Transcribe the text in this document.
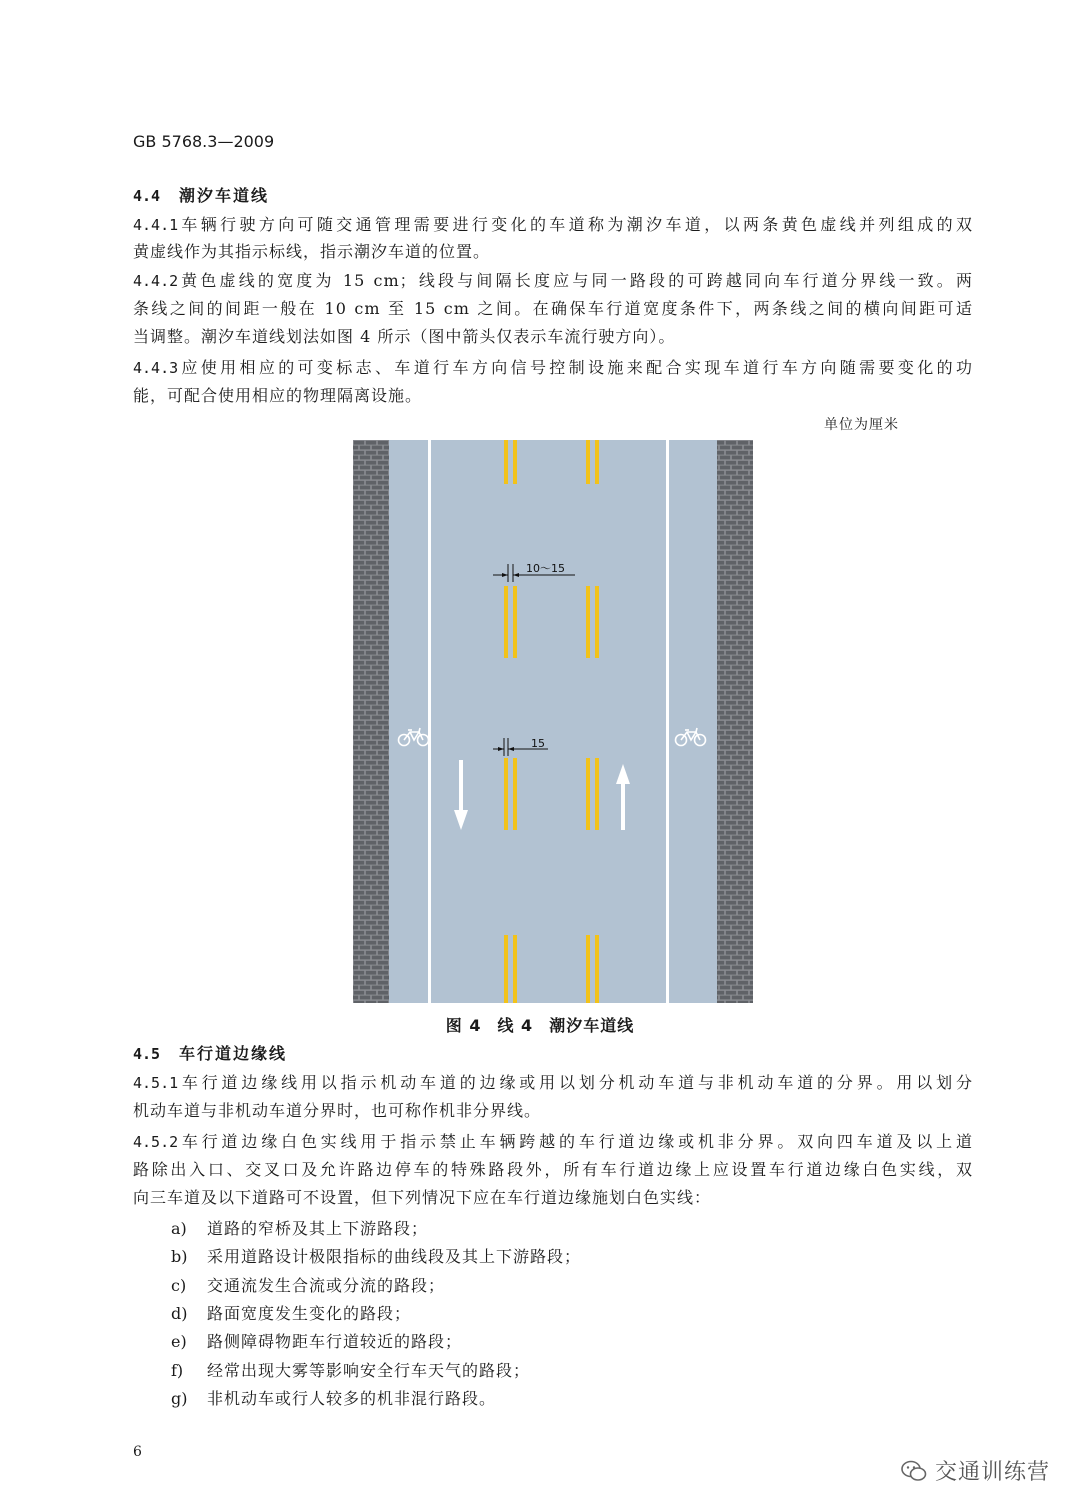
GB 5768.3—2009
4.4 潮汐车道线
4.4.1车辆行驶方向可随交通管理需要进行变化的车道称为潮汐车道，以两条黄色虚线并列组成的双
黄虚线作为其指示标线，指示潮汐车道的位置。
4.4.2黄色虚线的宽度为 15 cm；线段与间隔长度应与同一路段的可跨越同向车行道分界线一致。两
条线之间的间距一般在 10 cm 至 15 cm 之间。在确保车行道宽度条件下，两条线之间的横向间距可适
当调整。潮汐车道线划法如图 4 所示（图中箭头仅表示车流行驶方向）。
4.4.3应使用相应的可变标志、车道行车方向信号控制设施来配合实现车道行车方向随需要变化的功
能，可配合使用相应的物理隔离设施。
单位为厘米
10～15
15
图 4 线 4 潮汐车道线
4.5 车行道边缘线
4.5.1车行道边缘线用以指示机动车道的边缘或用以划分机动车道与非机动车道的分界。用以划分
机动车道与非机动车道分界时，也可称作机非分界线。
4.5.2车行道边缘白色实线用于指示禁止车辆跨越的车行道边缘或机非分界。双向四车道及以上道
路除出入口、交叉口及允许路边停车的特殊路段外，所有车行道边缘上应设置车行道边缘白色实线，双
向三车道及以下道路可不设置，但下列情况下应在车行道边缘施划白色实线：
a) 道路的窄桥及其上下游路段；
b) 采用道路设计极限指标的曲线段及其上下游路段；
c) 交通流发生合流或分流的路段；
d) 路面宽度发生变化的路段；
e) 路侧障碍物距车行道较近的路段；
f) 经常出现大雾等影响安全行车天气的路段；
g) 非机动车或行人较多的机非混行路段。
6
交通训练营
